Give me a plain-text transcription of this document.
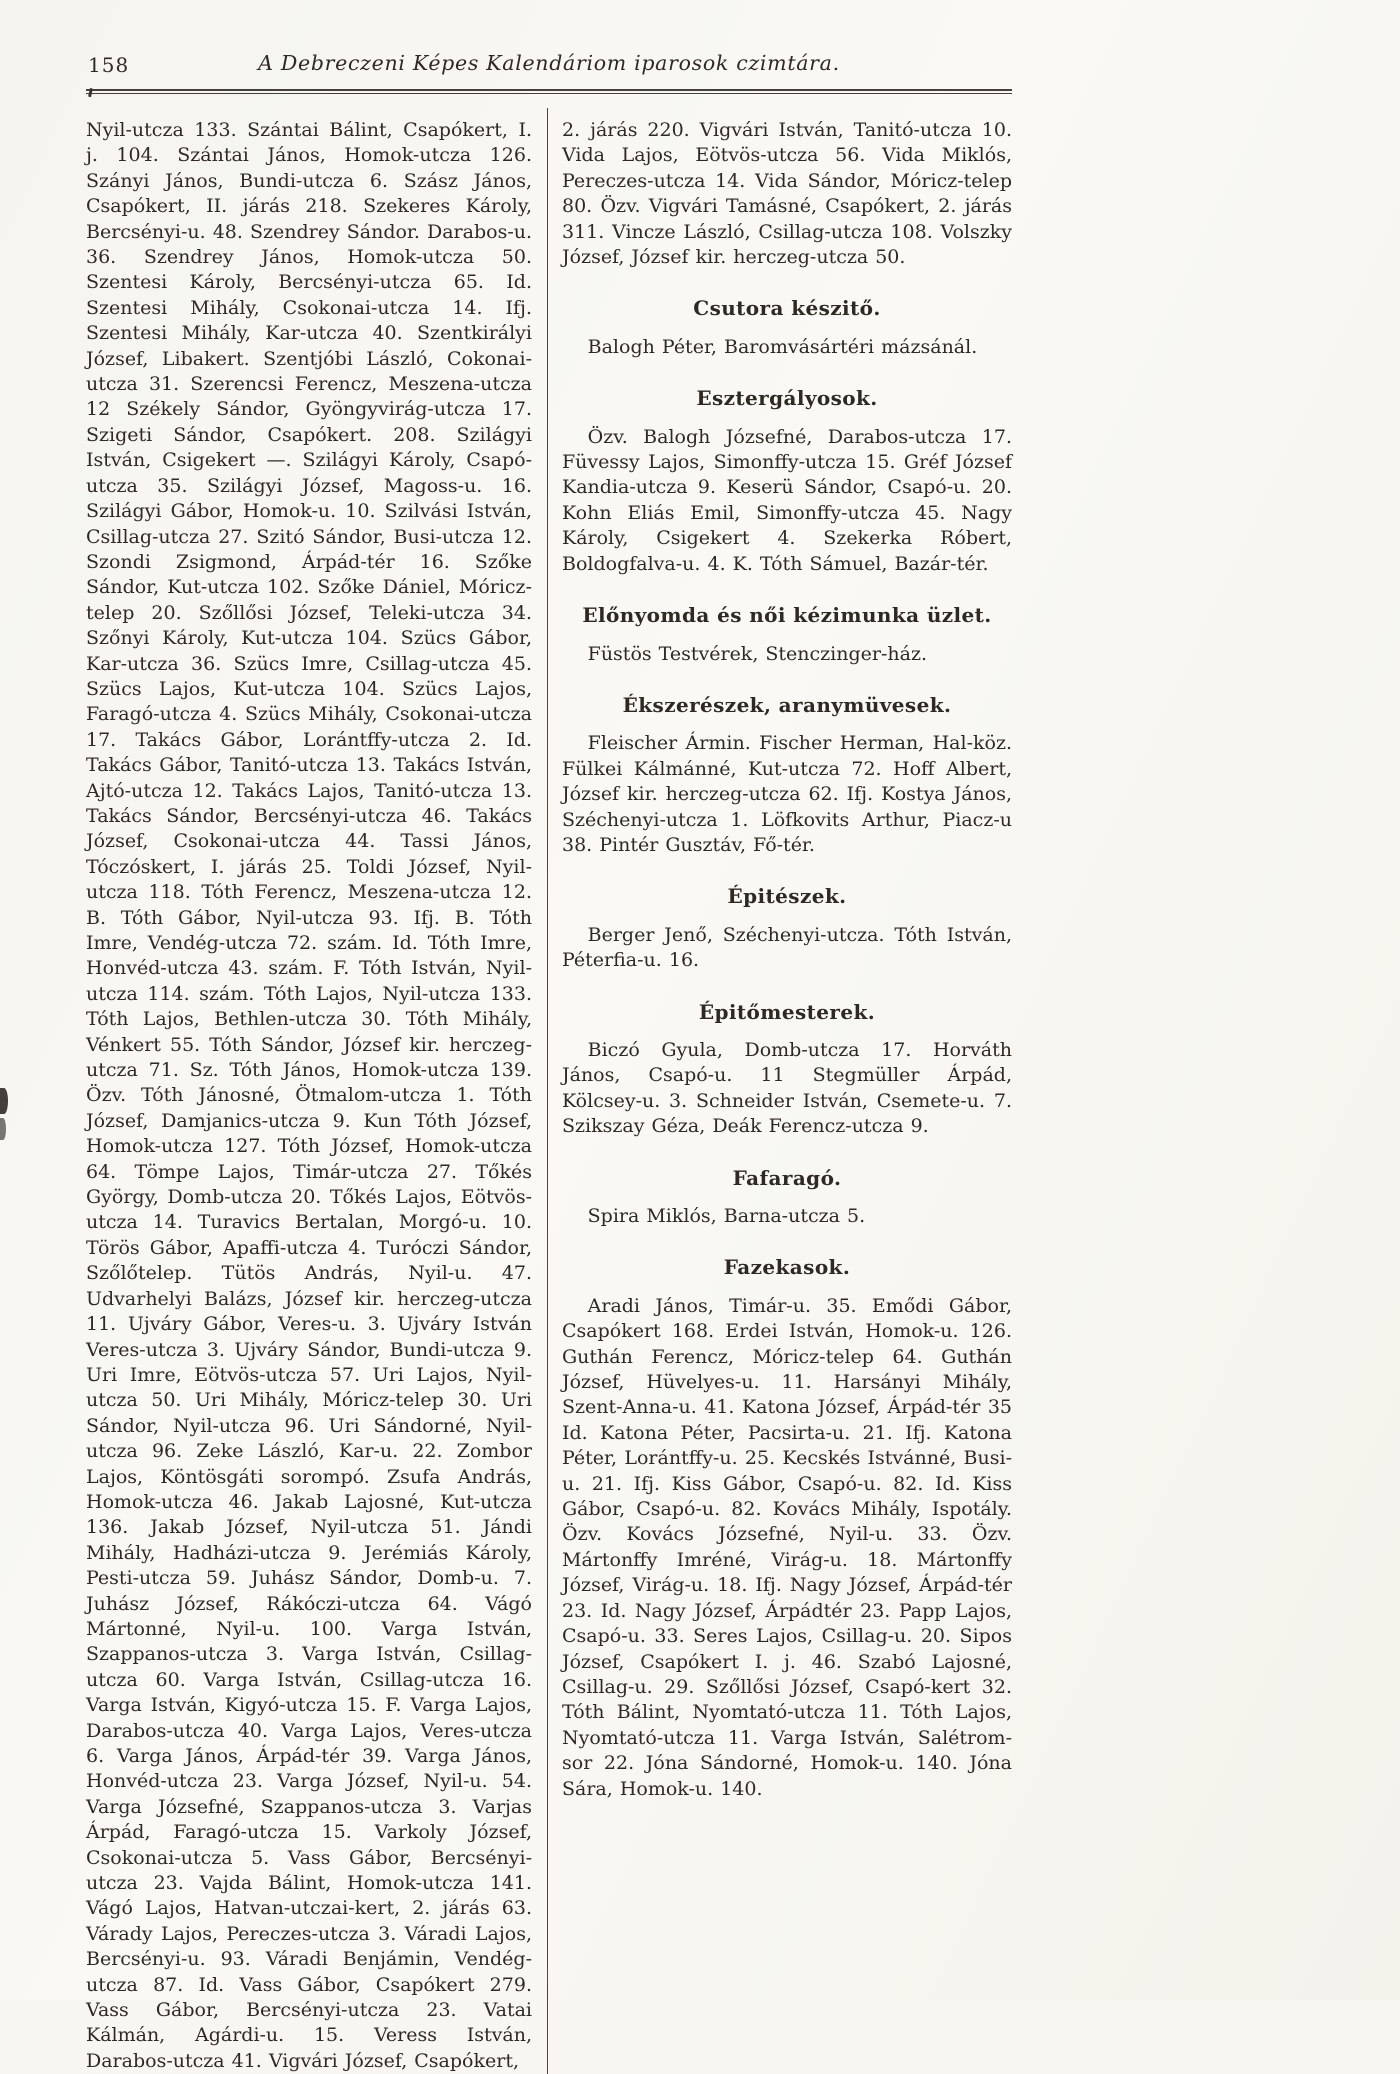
158	A Debreczeni Képes Kalendáriom iparosok czimtára.

Nyil-utcza 133. Szántai Bálint, Csapókert, I. j. 104. Szántai János, Homok-utcza 126. Szányi János, Bundi-utcza 6. Szász János, Csapókert, II. járás 218. Szekeres Károly, Bercsényi-u. 48. Szendrey Sándor. Darabos-u. 36. Szendrey János, Homok-utcza 50. Szentesi Károly, Bercsényi-utcza 65. Id. Szentesi Mihály, Csokonai-utcza 14. Ifj. Szentesi Mihály, Kar-utcza 40. Szentkirályi József, Libakert. Szentjóbi László, Cokonai-utcza 31. Szerencsi Ferencz, Meszena-utcza 12 Székely Sándor, Gyöngyvirág-utcza 17. Szigeti Sándor, Csapókert. 208. Szilágyi István, Csigekert —. Szilágyi Károly, Csapó-utcza 35. Szilágyi József, Magoss-u. 16. Szilágyi Gábor, Homok-u. 10. Szilvási István, Csillag-utcza 27. Szitó Sándor, Busi-utcza 12. Szondi Zsigmond, Árpád-tér 16. Szőke Sándor, Kut-utcza 102. Szőke Dániel, Móricz-telep 20. Szőllősi József, Teleki-utcza 34. Szőnyi Károly, Kut-utcza 104. Szücs Gábor, Kar-utcza 36. Szücs Imre, Csillag-utcza 45. Szücs Lajos, Kut-utcza 104. Szücs Lajos, Faragó-utcza 4. Szücs Mihály, Csokonai-utcza 17. Takács Gábor, Lorántffy-utcza 2. Id. Takács Gábor, Tanitó-utcza 13. Takács István, Ajtó-utcza 12. Takács Lajos, Tanitó-utcza 13. Takács Sándor, Bercsényi-utcza 46. Takács József, Csokonai-utcza 44. Tassi János, Tóczóskert, I. járás 25. Toldi József, Nyil-utcza 118. Tóth Ferencz, Meszena-utcza 12. B. Tóth Gábor, Nyil-utcza 93. Ifj. B. Tóth Imre, Vendég-utcza 72. szám. Id. Tóth Imre, Honvéd-utcza 43. szám. F. Tóth István, Nyil-utcza 114. szám. Tóth Lajos, Nyil-utcza 133. Tóth Lajos, Bethlen-utcza 30. Tóth Mihály, Vénkert 55. Tóth Sándor, József kir. herczeg-utcza 71. Sz. Tóth János, Homok-utcza 139. Özv. Tóth Jánosné, Ötmalom-utcza 1. Tóth József, Damjanics-utcza 9. Kun Tóth József, Homok-utcza 127. Tóth József, Homok-utcza 64. Tömpe Lajos, Timár-utcza 27. Tőkés György, Domb-utcza 20. Tőkés Lajos, Eötvös-utcza 14. Turavics Bertalan, Morgó-u. 10. Törös Gábor, Apaffi-utcza 4. Turóczi Sándor, Szőlőtelep. Tütös András, Nyil-u. 47. Udvarhelyi Balázs, József kir. herczeg-utcza 11. Ujváry Gábor, Veres-u. 3. Ujváry István Veres-utcza 3. Ujváry Sándor, Bundi-utcza 9. Uri Imre, Eötvös-utcza 57. Uri Lajos, Nyil-utcza 50. Uri Mihály, Móricz-telep 30. Uri Sándor, Nyil-utcza 96. Uri Sándorné, Nyil-utcza 96. Zeke László, Kar-u. 22. Zombor Lajos, Köntösgáti sorompó. Zsufa András, Homok-utcza 46. Jakab Lajosné, Kut-utcza 136. Jakab József, Nyil-utcza 51. Jándi Mihály, Hadházi-utcza 9. Jerémiás Károly, Pesti-utcza 59. Juhász Sándor, Domb-u. 7. Juhász József, Rákóczi-utcza 64. Vágó Mártonné, Nyil-u. 100. Varga István, Szappanos-utcza 3. Varga István, Csillag-utcza 60. Varga István, Csillag-utcza 16. Varga István, Kigyó-utcza 15. F. Varga Lajos, Darabos-utcza 40. Varga Lajos, Veres-utcza 6. Varga János, Árpád-tér 39. Varga János, Honvéd-utcza 23. Varga József, Nyil-u. 54. Varga Józsefné, Szappanos-utcza 3. Varjas Árpád, Faragó-utcza 15. Varkoly József, Csokonai-utcza 5. Vass Gábor, Bercsényi-utcza 23. Vajda Bálint, Homok-utcza 141. Vágó Lajos, Hatvan-utczai-kert, 2. járás 63. Várady Lajos, Pereczes-utcza 3. Váradi Lajos, Bercsényi-u. 93. Váradi Benjámin, Vendég-utcza 87. Id. Vass Gábor, Csapókert 279. Vass Gábor, Bercsényi-utcza 23. Vatai Kálmán, Agárdi-u. 15. Veress István, Darabos-utcza 41. Vigvári József, Csapókert,

2. járás 220. Vigvári István, Tanitó-utcza 10. Vida Lajos, Eötvös-utcza 56. Vida Miklós, Pereczes-utcza 14. Vida Sándor, Móricz-telep 80. Özv. Vigvári Tamásné, Csapókert, 2. járás 311. Vincze László, Csillag-utcza 108. Volszky József, József kir. herczeg-utcza 50.

Csutora készitő.

Balogh Péter, Baromvásártéri mázsánál.

Esztergályosok.

Özv. Balogh Józsefné, Darabos-utcza 17. Füvessy Lajos, Simonffy-utcza 15. Gréf József Kandia-utcza 9. Keserü Sándor, Csapó-u. 20. Kohn Eliás Emil, Simonffy-utcza 45. Nagy Károly, Csigekert 4. Szekerka Róbert, Boldogfalva-u. 4. K. Tóth Sámuel, Bazár-tér.

Előnyomda és női kézimunka üzlet.

Füstös Testvérek, Stenczinger-ház.

Ékszerészek, aranymüvesek.

Fleischer Ármin. Fischer Herman, Hal-köz. Fülkei Kálmánné, Kut-utcza 72. Hoff Albert, József kir. herczeg-utcza 62. Ifj. Kostya János, Széchenyi-utcza 1. Löfkovits Arthur, Piacz-u 38. Pintér Gusztáv, Fő-tér.

Épitészek.

Berger Jenő, Széchenyi-utcza. Tóth István, Péterfia-u. 16.

Épitőmesterek.

Biczó Gyula, Domb-utcza 17. Horváth János, Csapó-u. 11 Stegmüller Árpád, Kölcsey-u. 3. Schneider István, Csemete-u. 7. Szikszay Géza, Deák Ferencz-utcza 9.

Fafaragó.

Spira Miklós, Barna-utcza 5.

Fazekasok.

Aradi János, Timár-u. 35. Emődi Gábor, Csapókert 168. Erdei István, Homok-u. 126. Guthán Ferencz, Móricz-telep 64. Guthán József, Hüvelyes-u. 11. Harsányi Mihály, Szent-Anna-u. 41. Katona József, Árpád-tér 35 Id. Katona Péter, Pacsirta-u. 21. Ifj. Katona Péter, Lorántffy-u. 25. Kecskés Istvánné, Busi-u. 21. Ifj. Kiss Gábor, Csapó-u. 82. Id. Kiss Gábor, Csapó-u. 82. Kovács Mihály, Ispotály. Özv. Kovács Józsefné, Nyil-u. 33. Özv. Mártonffy Imréné, Virág-u. 18. Mártonffy József, Virág-u. 18. Ifj. Nagy József, Árpád-tér 23. Id. Nagy József, Árpádtér 23. Papp Lajos, Csapó-u. 33. Seres Lajos, Csillag-u. 20. Sipos József, Csapókert I. j. 46. Szabó Lajosné, Csillag-u. 29. Szőllősi József, Csapó-kert 32. Tóth Bálint, Nyomtató-utcza 11. Tóth Lajos, Nyomtató-utcza 11. Varga István, Salétrom-sor 22. Jóna Sándorné, Homok-u. 140. Jóna Sára, Homok-u. 140.
